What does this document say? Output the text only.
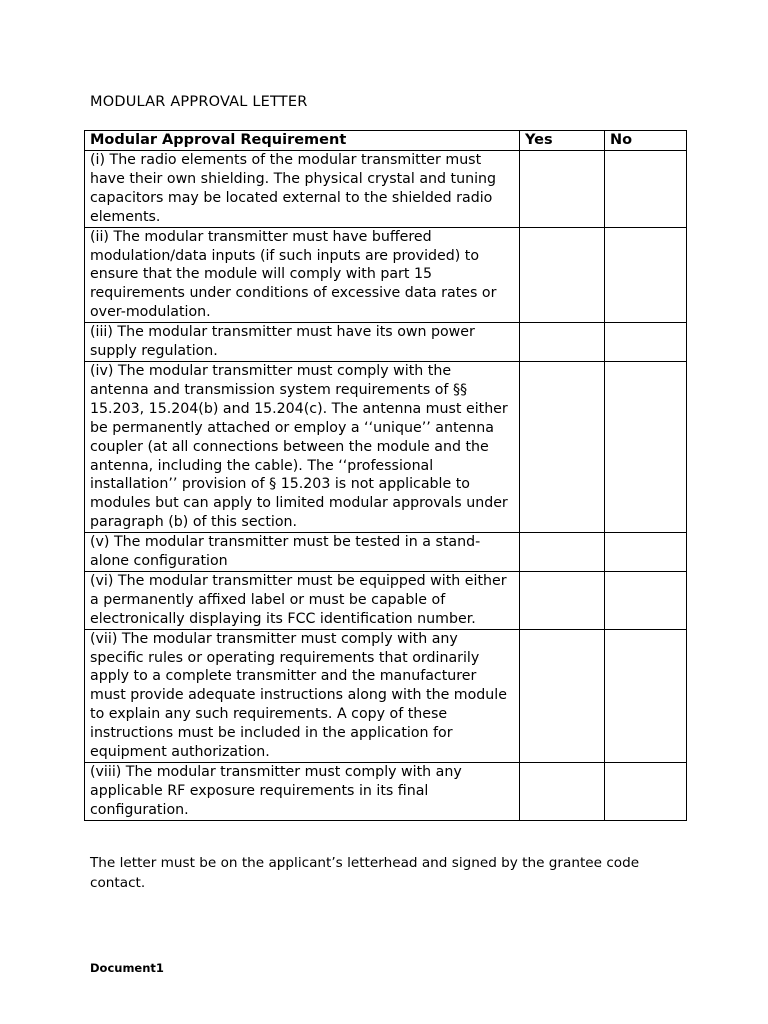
MODULAR APPROVAL LETTER
Modular Approval Requirement	Yes	No
(i) The radio elements of the modular transmitter must have their own shielding. The physical crystal and tuning capacitors may be located external to the shielded radio elements.		
(ii) The modular transmitter must have buffered modulation/data inputs (if such inputs are provided) to ensure that the module will comply with part 15 requirements under conditions of excessive data rates or over-modulation.		
(iii) The modular transmitter must have its own power supply regulation.		
(iv) The modular transmitter must comply with the antenna and transmission system requirements of §§ 15.203, 15.204(b) and 15.204(c). The antenna must either be permanently attached or employ a ‘‘unique’’ antenna coupler (at all connections between the module and the antenna, including the cable). The ‘‘professional installation’’ provision of § 15.203 is not applicable to modules but can apply to limited modular approvals under paragraph (b) of this section.		
(v) The modular transmitter must be tested in a stand-alone configuration		
(vi) The modular transmitter must be equipped with either a permanently affixed label or must be capable of electronically displaying its FCC identification number.		
(vii) The modular transmitter must comply with any specific rules or operating requirements that ordinarily apply to a complete transmitter and the manufacturer must provide adequate instructions along with the module to explain any such requirements. A copy of these instructions must be included in the application for equipment authorization.		
(viii) The modular transmitter must comply with any applicable RF exposure requirements in its final configuration.		
The letter must be on the applicant’s letterhead and signed by the grantee code contact.
Document1
